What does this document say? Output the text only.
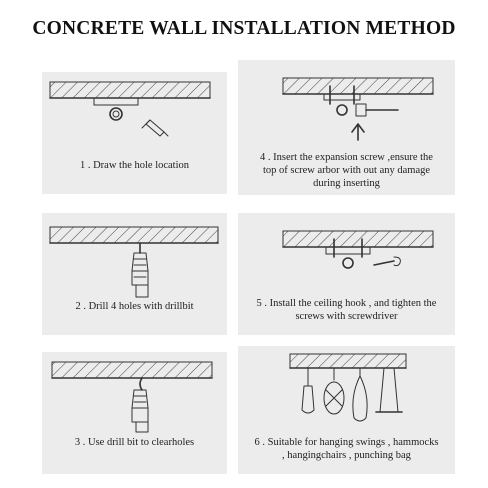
CONCRETE WALL INSTALLATION METHOD
1 . Draw the hole location
4 . Insert the expansion screw ,ensure the top of screw arbor with out any damage during inserting
2 . Drill 4 holes with drillbit	5 . Install the ceiling hook , and tighten the screws with screwdriver
3 . Use drill bit to clearholes	6 . Suitable for hanging swings , hammocks , hangingchairs , punching bag
